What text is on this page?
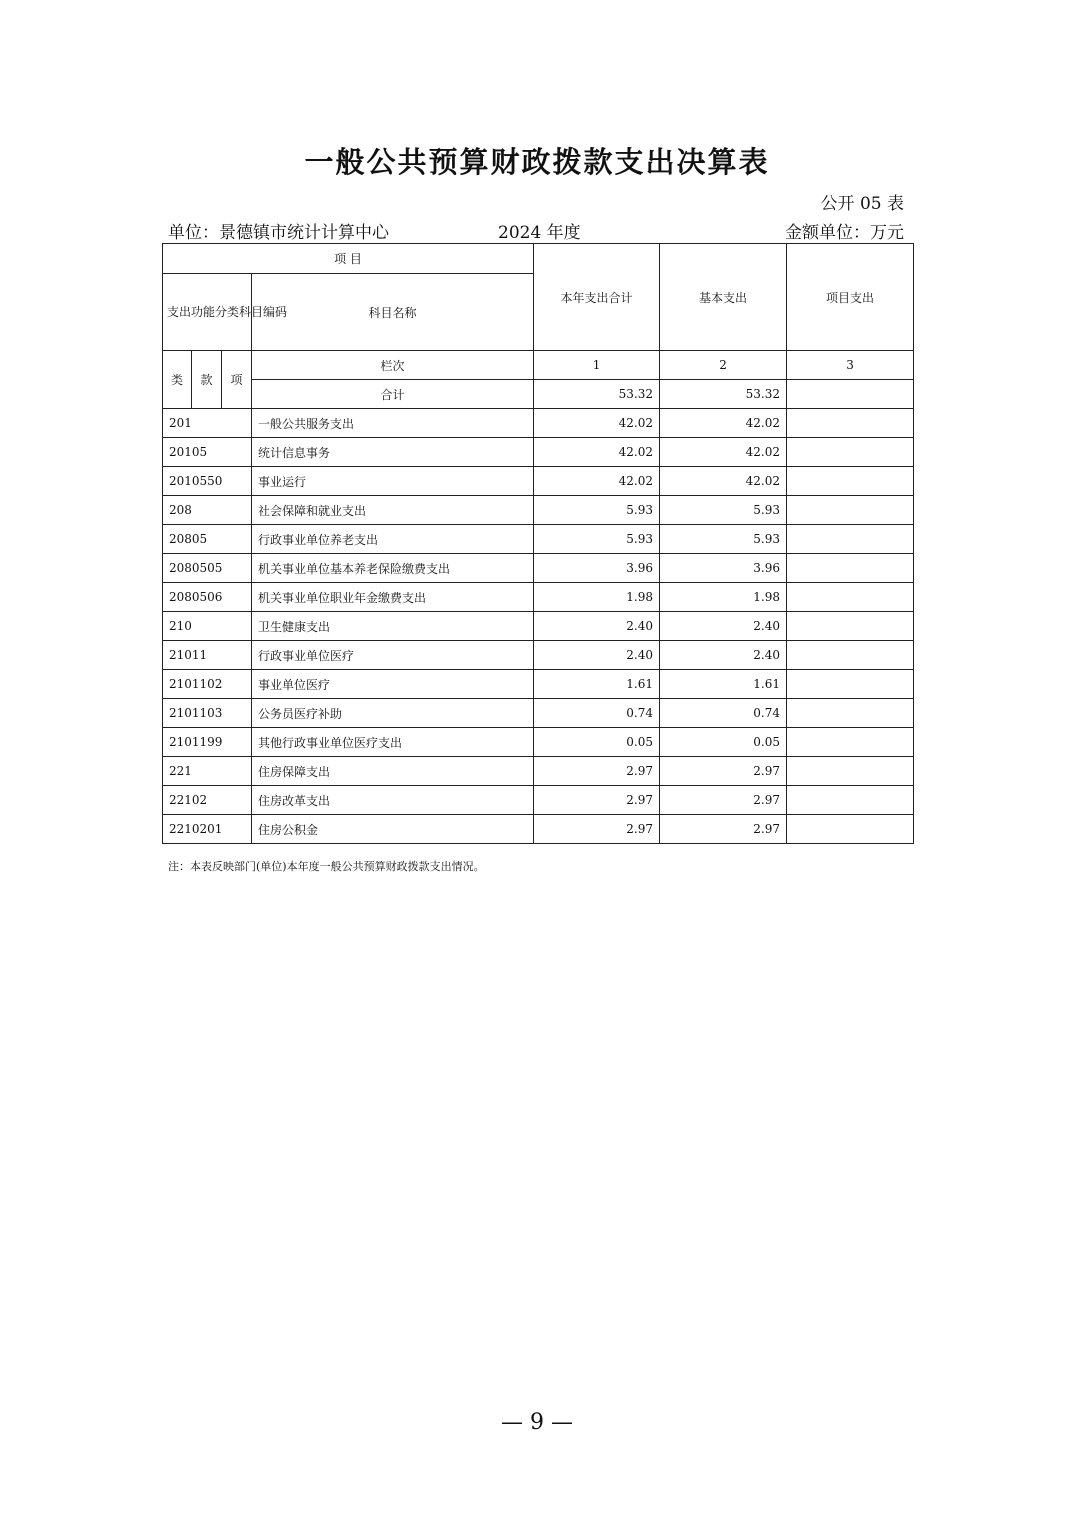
一般公共预算财政拨款支出决算表
公开 05 表
单位：景德镇市统计计算中心	2024 年度	金额单位：万元
项 目				本年支出合计	基本支出	项目支出
支出功能分类科目编码			科目名称			
类	款	项	栏次	1	2	3
			合计	53.32	53.32	
201			一般公共服务支出	42.02	42.02	
20105			统计信息事务	42.02	42.02	
2010550			事业运行	42.02	42.02	
208			社会保障和就业支出	5.93	5.93	
20805			行政事业单位养老支出	5.93	5.93	
2080505			机关事业单位基本养老保险缴费支出	3.96	3.96	
2080506			机关事业单位职业年金缴费支出	1.98	1.98	
210			卫生健康支出	2.40	2.40	
21011			行政事业单位医疗	2.40	2.40	
2101102			事业单位医疗	1.61	1.61	
2101103			公务员医疗补助	0.74	0.74	
2101199			其他行政事业单位医疗支出	0.05	0.05	
221			住房保障支出	2.97	2.97	
22102			住房改革支出	2.97	2.97	
2210201			住房公积金	2.97	2.97	
注：本表反映部门(单位)本年度一般公共预算财政拨款支出情况。
— 9 —
